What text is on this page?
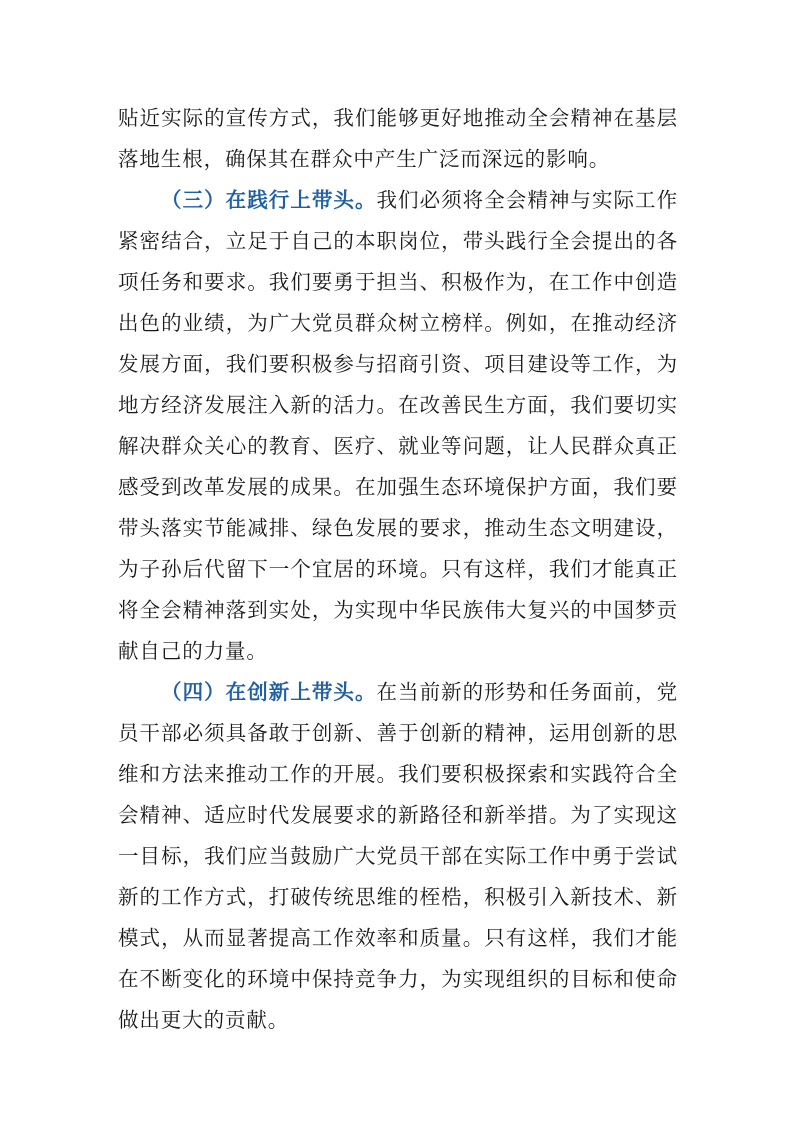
贴近实际的宣传方式，我们能够更好地推动全会精神在基层落地生根，确保其在群众中产生广泛而深远的影响。

（三）在践行上带头。我们必须将全会精神与实际工作紧密结合，立足于自己的本职岗位，带头践行全会提出的各项任务和要求。我们要勇于担当、积极作为，在工作中创造出色的业绩，为广大党员群众树立榜样。例如，在推动经济发展方面，我们要积极参与招商引资、项目建设等工作，为地方经济发展注入新的活力。在改善民生方面，我们要切实解决群众关心的教育、医疗、就业等问题，让人民群众真正感受到改革发展的成果。在加强生态环境保护方面，我们要带头落实节能减排、绿色发展的要求，推动生态文明建设，为子孙后代留下一个宜居的环境。只有这样，我们才能真正将全会精神落到实处，为实现中华民族伟大复兴的中国梦贡献自己的力量。

（四）在创新上带头。在当前新的形势和任务面前，党员干部必须具备敢于创新、善于创新的精神，运用创新的思维和方法来推动工作的开展。我们要积极探索和实践符合全会精神、适应时代发展要求的新路径和新举措。为了实现这一目标，我们应当鼓励广大党员干部在实际工作中勇于尝试新的工作方式，打破传统思维的桎梏，积极引入新技术、新模式，从而显著提高工作效率和质量。只有这样，我们才能在不断变化的环境中保持竞争力，为实现组织的目标和使命做出更大的贡献。
